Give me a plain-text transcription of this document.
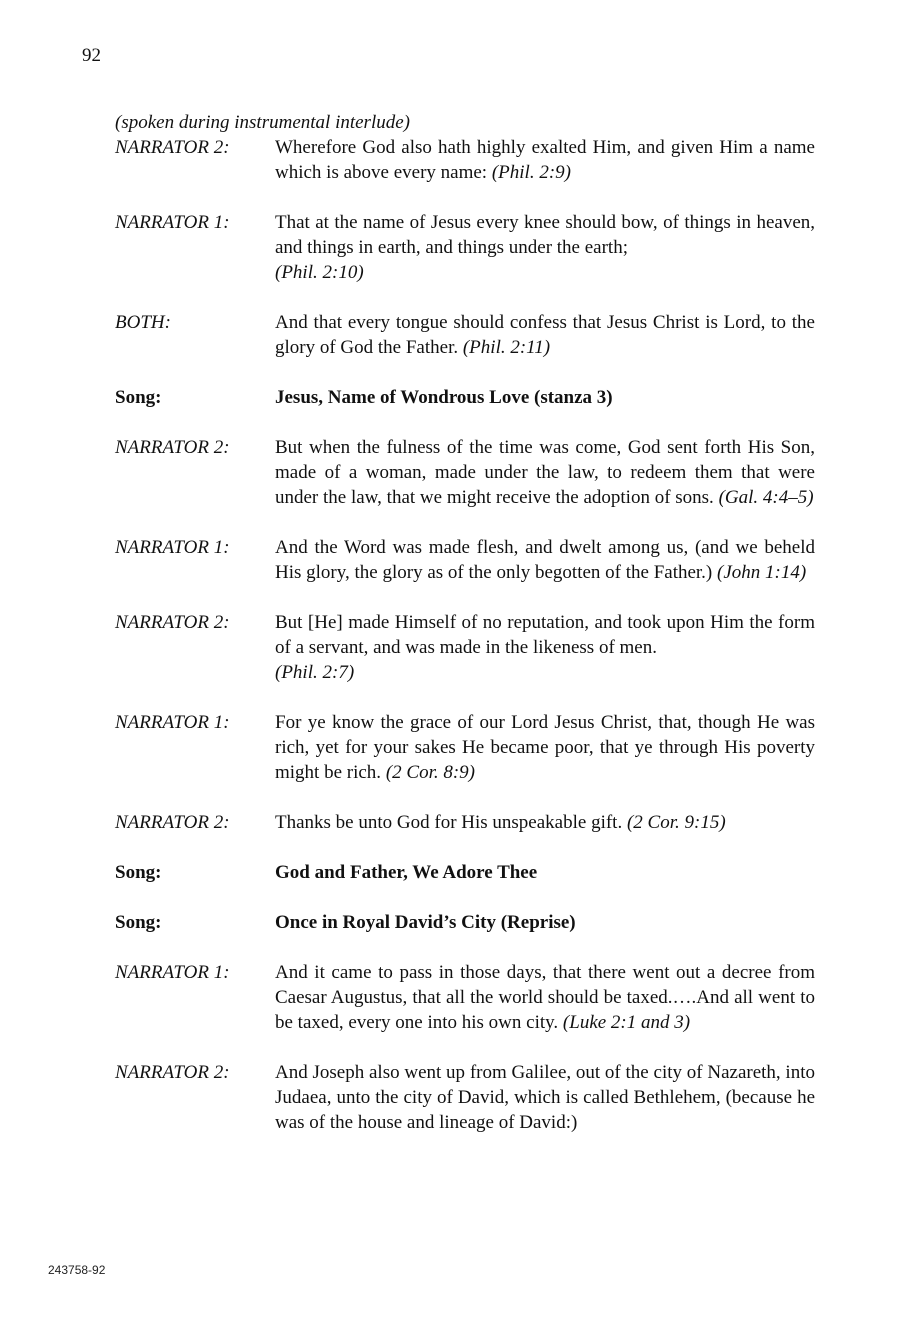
92
(spoken during instrumental interlude)
NARRATOR 2:	Wherefore God also hath highly exalted Him, and given Him a name which is above every name: (Phil. 2:9)
NARRATOR 1:	That at the name of Jesus every knee should bow, of things in heaven, and things in earth, and things under the earth;
(Phil. 2:10)
BOTH:	And that every tongue should confess that Jesus Christ is Lord, to the glory of God the Father. (Phil. 2:11)
Song:	Jesus, Name of Wondrous Love (stanza 3)
NARRATOR 2:	But when the fulness of the time was come, God sent forth His Son, made of a woman, made under the law, to redeem them that were under the law, that we might receive the adoption of sons. (Gal. 4:4–5)
NARRATOR 1:	And the Word was made flesh, and dwelt among us, (and we beheld His glory, the glory as of the only begotten of the Father.) (John 1:14)
NARRATOR 2:	But [He] made Himself of no reputation, and took upon Him the form of a servant, and was made in the likeness of men.
(Phil. 2:7)
NARRATOR 1:	For ye know the grace of our Lord Jesus Christ, that, though He was rich, yet for your sakes He became poor, that ye through His poverty might be rich. (2 Cor. 8:9)
NARRATOR 2:	Thanks be unto God for His unspeakable gift. (2 Cor. 9:15)
Song:	God and Father, We Adore Thee
Song:	Once in Royal David’s City (Reprise)
NARRATOR 1:	And it came to pass in those days, that there went out a decree from Caesar Augustus, that all the world should be taxed.….And all went to be taxed, every one into his own city. (Luke 2:1 and 3)
NARRATOR 2:	And Joseph also went up from Galilee, out of the city of Nazareth, into Judaea, unto the city of David, which is called Bethlehem, (because he was of the house and lineage of David:)
243758-92
